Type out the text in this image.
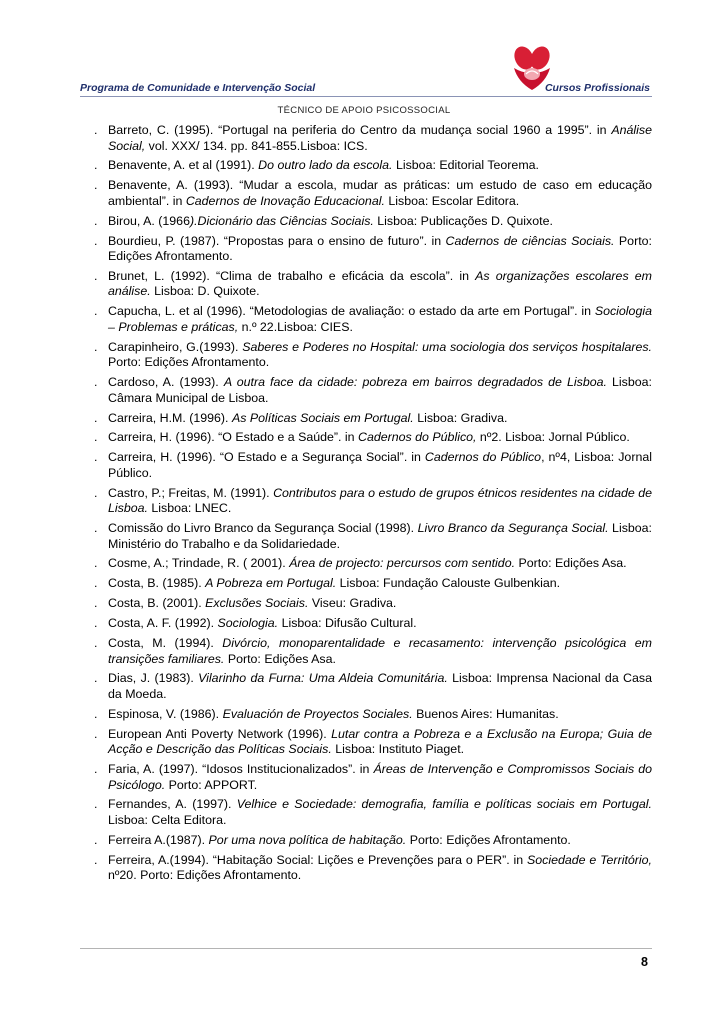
Programa de Comunidade e Intervenção Social	Cursos Profissionais
TÉCNICO DE APOIO PSICOSSOCIAL
. Barreto, C. (1995). “Portugal na periferia do Centro da mudança social 1960 a 1995”. in Análise Social, vol. XXX/ 134. pp. 841-855.Lisboa: ICS.
. Benavente, A. et al (1991). Do outro lado da escola. Lisboa: Editorial Teorema.
. Benavente, A. (1993). “Mudar a escola, mudar as práticas: um estudo de caso em educação ambiental”. in Cadernos de Inovação Educacional. Lisboa: Escolar Editora.
. Birou, A. (1966).Dicionário das Ciências Sociais. Lisboa: Publicações D. Quixote.
. Bourdieu, P. (1987). “Propostas para o ensino de futuro”. in Cadernos de ciências Sociais. Porto: Edições Afrontamento.
. Brunet, L. (1992). “Clima de trabalho e eficácia da escola”. in As organizações escolares em análise. Lisboa: D. Quixote.
. Capucha, L. et al (1996). “Metodologias de avaliação: o estado da arte em Portugal”. in Sociologia – Problemas e práticas, n.º 22.Lisboa: CIES.
. Carapinheiro, G.(1993). Saberes e Poderes no Hospital: uma sociologia dos serviços hospitalares. Porto: Edições Afrontamento.
. Cardoso, A. (1993). A outra face da cidade: pobreza em bairros degradados de Lisboa. Lisboa: Câmara Municipal de Lisboa.
. Carreira, H.M. (1996). As Políticas Sociais em Portugal. Lisboa: Gradiva.
. Carreira, H. (1996). “O Estado e a Saúde”. in Cadernos do Público, nº2. Lisboa: Jornal Público.
. Carreira, H. (1996). “O Estado e a Segurança Social”. in Cadernos do Público, nº4, Lisboa: Jornal Público.
. Castro, P.; Freitas, M. (1991). Contributos para o estudo de grupos étnicos residentes na cidade de Lisboa. Lisboa: LNEC.
. Comissão do Livro Branco da Segurança Social (1998). Livro Branco da Segurança Social. Lisboa: Ministério do Trabalho e da Solidariedade.
. Cosme, A.; Trindade, R. ( 2001). Área de projecto: percursos com sentido. Porto: Edições Asa.
. Costa, B. (1985). A Pobreza em Portugal. Lisboa: Fundação Calouste Gulbenkian.
. Costa, B. (2001). Exclusões Sociais. Viseu: Gradiva.
. Costa, A. F. (1992). Sociologia. Lisboa: Difusão Cultural.
. Costa, M. (1994). Divórcio, monoparentalidade e recasamento: intervenção psicológica em transições familiares. Porto: Edições Asa.
. Dias, J. (1983). Vilarinho da Furna: Uma Aldeia Comunitária. Lisboa: Imprensa Nacional da Casa da Moeda.
. Espinosa, V. (1986). Evaluación de Proyectos Sociales. Buenos Aires: Humanitas.
. European Anti Poverty Network (1996). Lutar contra a Pobreza e a Exclusão na Europa; Guia de Acção e Descrição das Políticas Sociais. Lisboa: Instituto Piaget.
. Faria, A. (1997). “Idosos Institucionalizados”. in Áreas de Intervenção e Compromissos Sociais do Psicólogo. Porto: APPORT.
. Fernandes, A. (1997). Velhice e Sociedade: demografia, família e políticas sociais em Portugal. Lisboa: Celta Editora.
. Ferreira A.(1987). Por uma nova política de habitação. Porto: Edições Afrontamento.
. Ferreira, A.(1994). “Habitação Social: Lições e Prevenções para o PER”. in Sociedade e Território, nº20. Porto: Edições Afrontamento.
8
